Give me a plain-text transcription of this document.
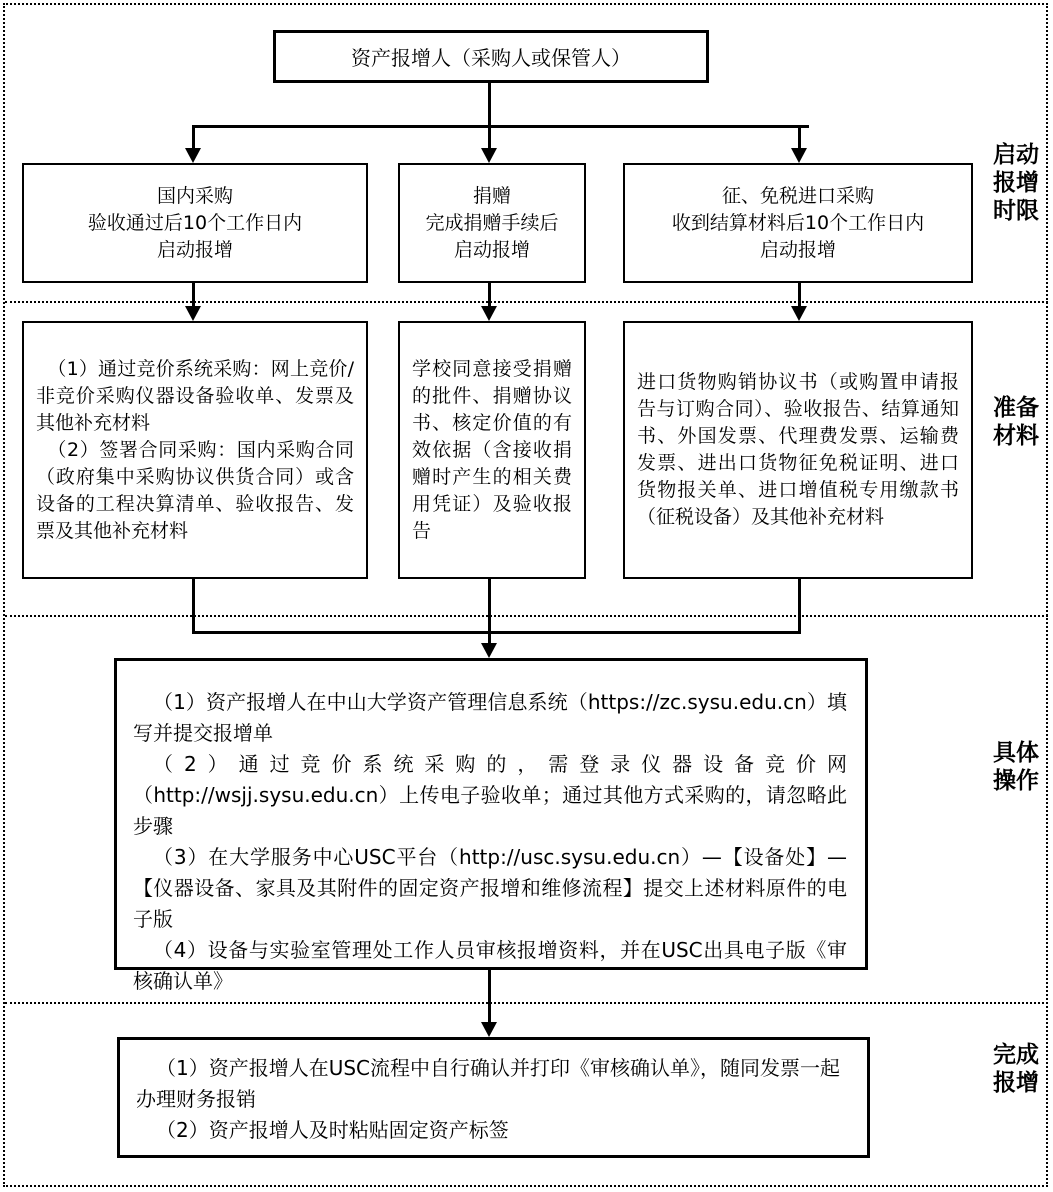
资产报增人（采购人或保管人）
国内采购
验收通过后10个工作日内
启动报增
捐赠
完成捐赠手续后
启动报增
征、免税进口采购
收到结算材料后10个工作日内
启动报增

（1）通过竞价系统采购：网上竞价/非竞价采购仪器设备验收单、发票及其他补充材料

（2）签署合同采购：国内采购合同（政府集中采购协议供货合同）或含设备的工程决算清单、验收报告、发票及其他补充材料

学校同意接受捐赠的批件、捐赠协议书、核定价值的有效依据（含接收捐赠时产生的相关费用凭证）及验收报告

进口货物购销协议书（或购置申请报告与订购合同）、验收报告、结算通知书、外国发票、代理费发票、运输费发票、进出口货物征免税证明、进口货物报关单、进口增值税专用缴款书（征税设备）及其他补充材料

（1）资产报增人在中山大学资产管理信息系统（https://zc.sysu.edu.cn）填写并提交报增单

（2）通过竞价系统采购的，需登录仪器设备竞价网（http://wsjj.sysu.edu.cn）上传电子验收单；通过其他方式采购的，请忽略此步骤

（3）在大学服务中心USC平台（http://usc.sysu.edu.cn）—【设备处】—【仪器设备、家具及其附件的固定资产报增和维修流程】提交上述材料原件的电子版

（4）设备与实验室管理处工作人员审核报增资料，并在USC出具电子版《审核确认单》

（1）资产报增人在USC流程中自行确认并打印《审核确认单》，随同发票一起办理财务报销

（2）资产报增人及时粘贴固定资产标签

启动报增时限
准备材料
具体操作
完成报增
